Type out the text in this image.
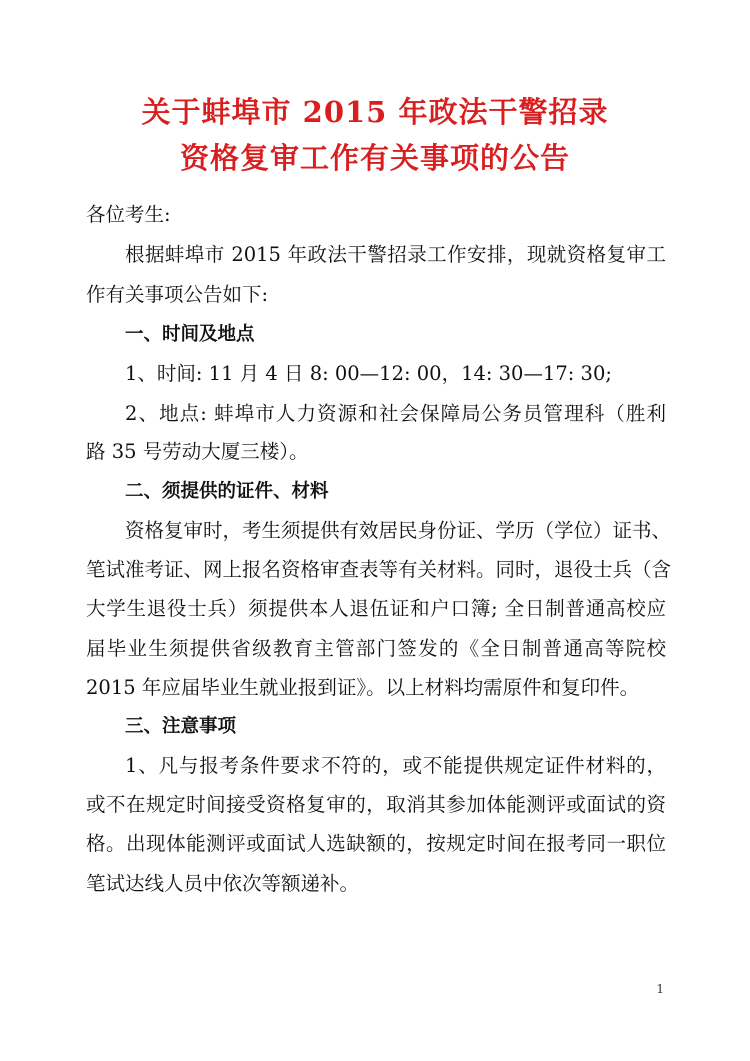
关于蚌埠市 2015 年政法干警招录
资格复审工作有关事项的公告
各位考生:
根据蚌埠市 2015 年政法干警招录工作安排，现就资格复审工
作有关事项公告如下:
一、时间及地点
1、时间: 11 月 4 日 8: 00—12: 00，14: 30—17: 30;
2、地点: 蚌埠市人力资源和社会保障局公务员管理科（胜利
路 35 号劳动大厦三楼）。
二、须提供的证件、材料
资格复审时，考生须提供有效居民身份证、学历（学位）证书、
笔试准考证、网上报名资格审查表等有关材料。同时，退役士兵（含
大学生退役士兵）须提供本人退伍证和户口簿; 全日制普通高校应
届毕业生须提供省级教育主管部门签发的《全日制普通高等院校
2015 年应届毕业生就业报到证》。以上材料均需原件和复印件。
三、注意事项
1、凡与报考条件要求不符的，或不能提供规定证件材料的，
或不在规定时间接受资格复审的，取消其参加体能测评或面试的资
格。出现体能测评或面试人选缺额的，按规定时间在报考同一职位
笔试达线人员中依次等额递补。
1
